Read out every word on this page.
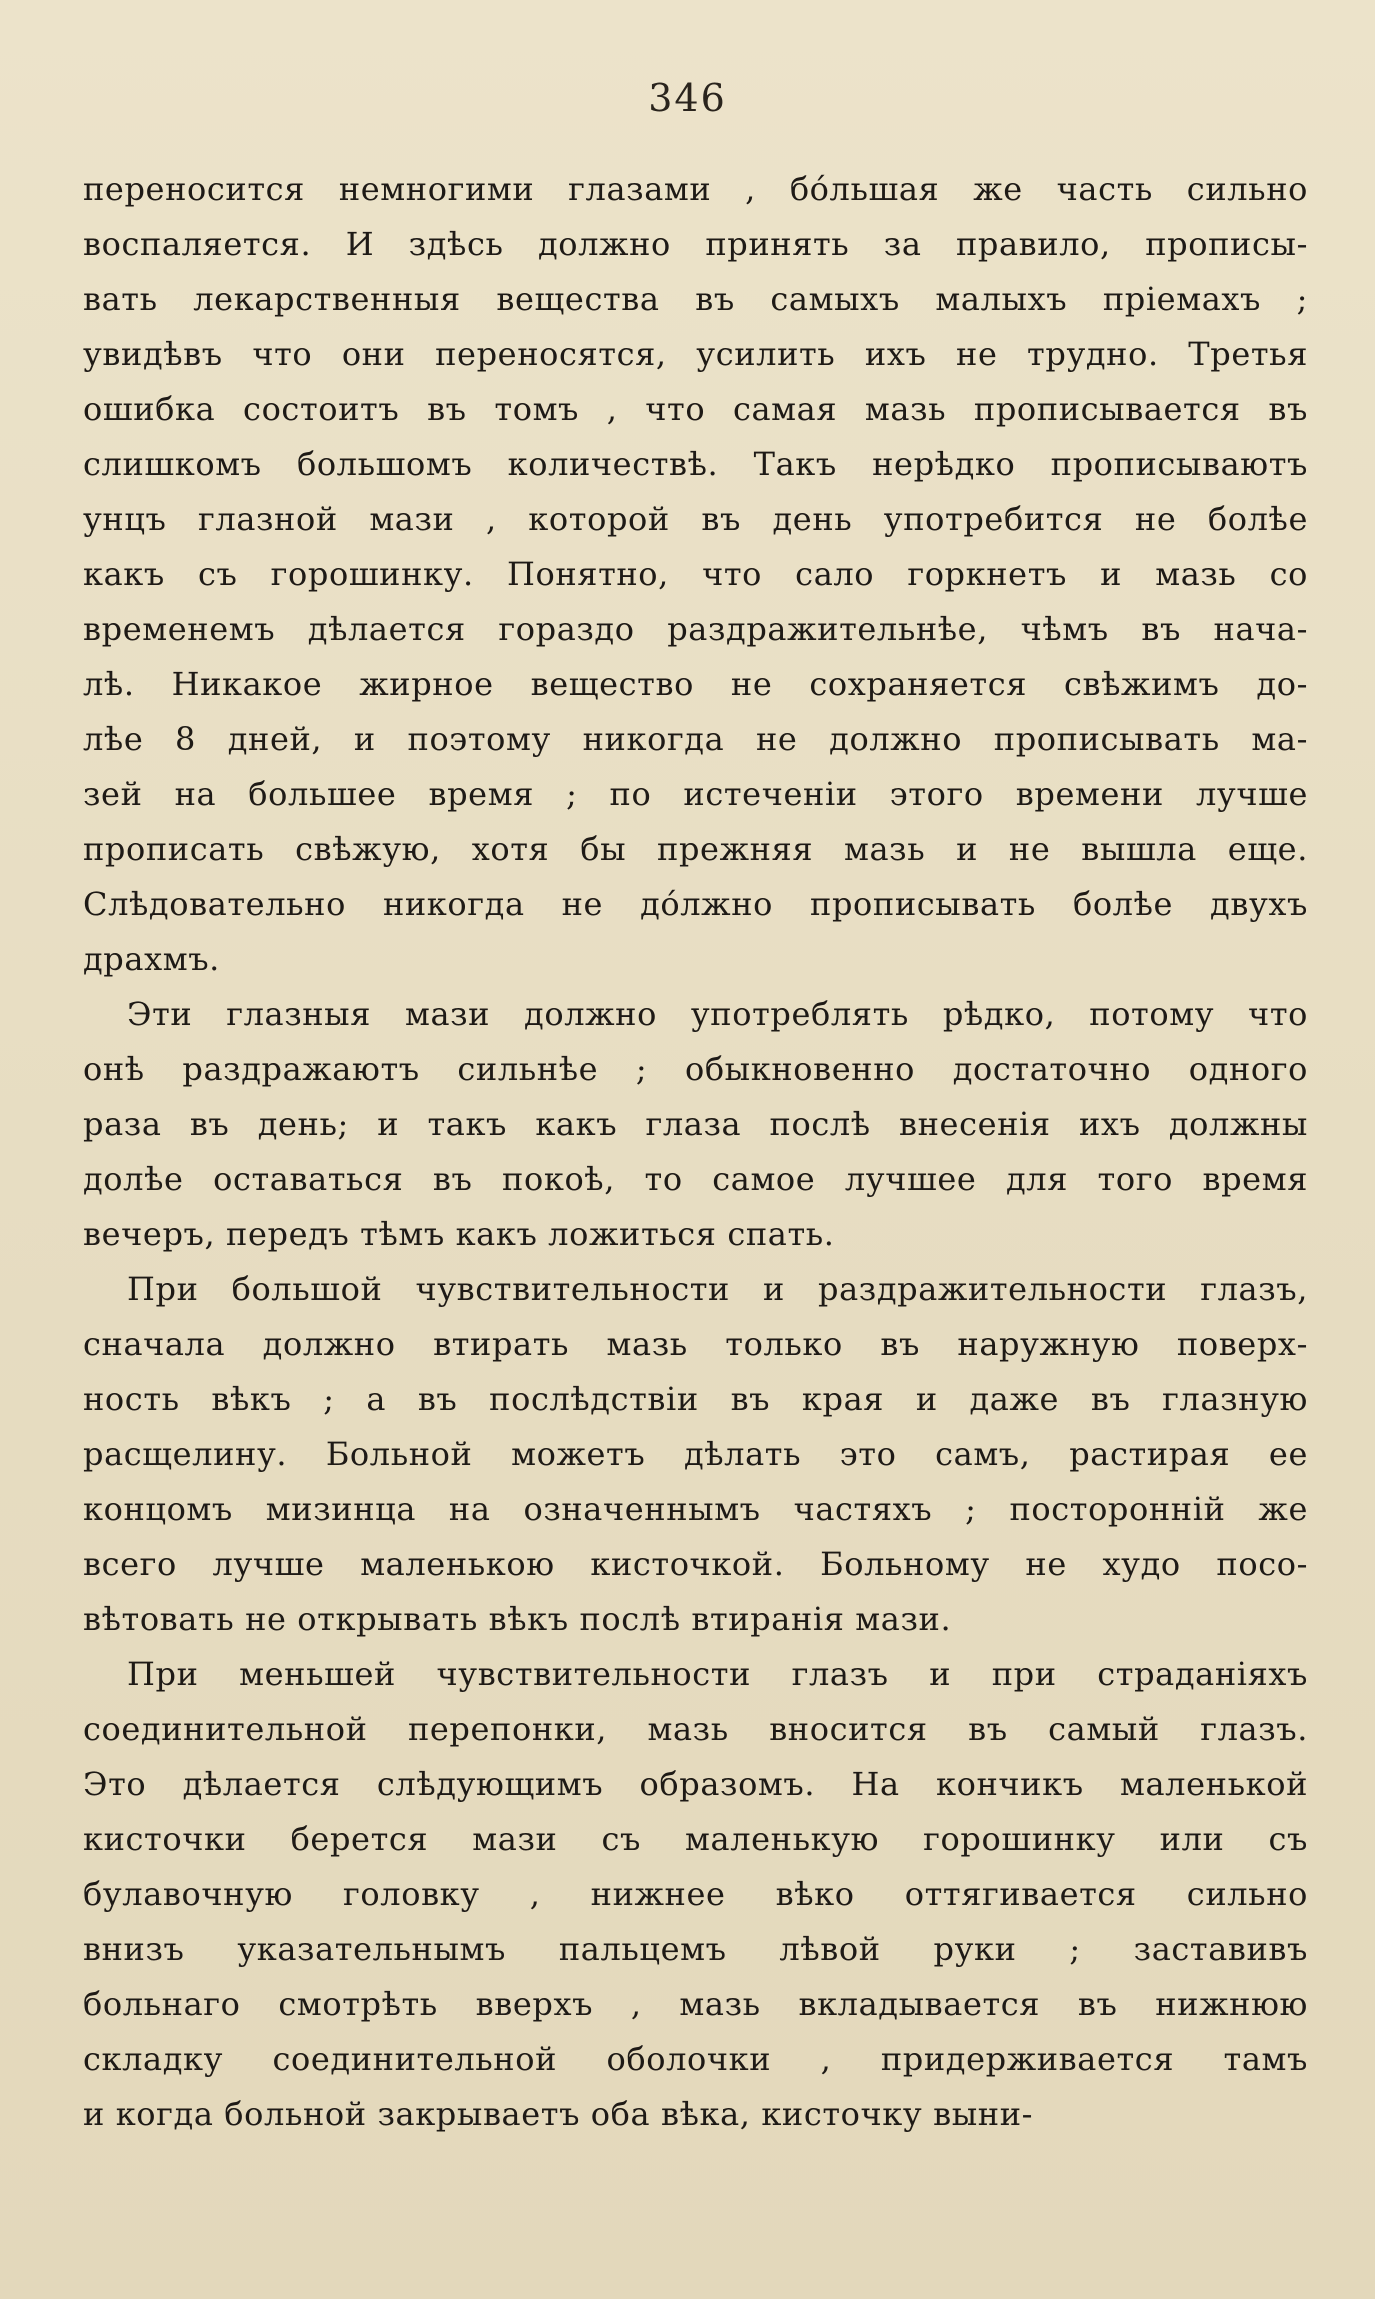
346
переносится немногими глазами , бо́льшая же часть сильно
воспаляется. И здѣсь должно принять за правило, прописы-
вать лекарственныя вещества въ самыхъ малыхъ пріемахъ ;
увидѣвъ что они переносятся, усилить ихъ не трудно. Третья
ошибка состоитъ въ томъ , что самая мазь прописывается въ
слишкомъ большомъ количествѣ. Такъ нерѣдко прописываютъ
унцъ глазной мази , которой въ день употребится не болѣе
какъ съ горошинку. Понятно, что сало горкнетъ и мазь со
временемъ дѣлается гораздо раздражительнѣе, чѣмъ въ нача-
лѣ. Никакое жирное вещество не сохраняется свѣжимъ до-
лѣе 8 дней, и поэтому никогда не должно прописывать ма-
зей на большее время ; по истеченіи этого времени лучше
прописать свѣжую, хотя бы прежняя мазь и не вышла еще.
Слѣдовательно никогда не до́лжно прописывать болѣе двухъ
драхмъ.
Эти глазныя мази должно употреблять рѣдко, потому что
онѣ раздражаютъ сильнѣе ; обыкновенно достаточно одного
раза въ день; и такъ какъ глаза послѣ внесенія ихъ должны
долѣе оставаться въ покоѣ, то самое лучшее для того время
вечеръ, передъ тѣмъ какъ ложиться спать.
При большой чувствительности и раздражительности глазъ,
сначала должно втирать мазь только въ наружную поверх-
ность вѣкъ ; а въ послѣдствіи въ края и даже въ глазную
расщелину. Больной можетъ дѣлать это самъ, растирая ее
концомъ мизинца на означеннымъ частяхъ ; посторонній же
всего лучше маленькою кисточкой. Больному не худо посо-
вѣтовать не открывать вѣкъ послѣ втиранія мази.
При меньшей чувствительности глазъ и при страданіяхъ
соединительной перепонки, мазь вносится въ самый глазъ.
Это дѣлается слѣдующимъ образомъ. На кончикъ маленькой
кисточки берется мази съ маленькую горошинку или съ
булавочную головку , нижнее вѣко оттягивается сильно
внизъ указательнымъ пальцемъ лѣвой руки ; заставивъ
больнаго смотрѣть вверхъ , мазь вкладывается въ нижнюю
складку соединительной оболочки , придерживается тамъ
и когда больной закрываетъ оба вѣка, кисточку выни-
